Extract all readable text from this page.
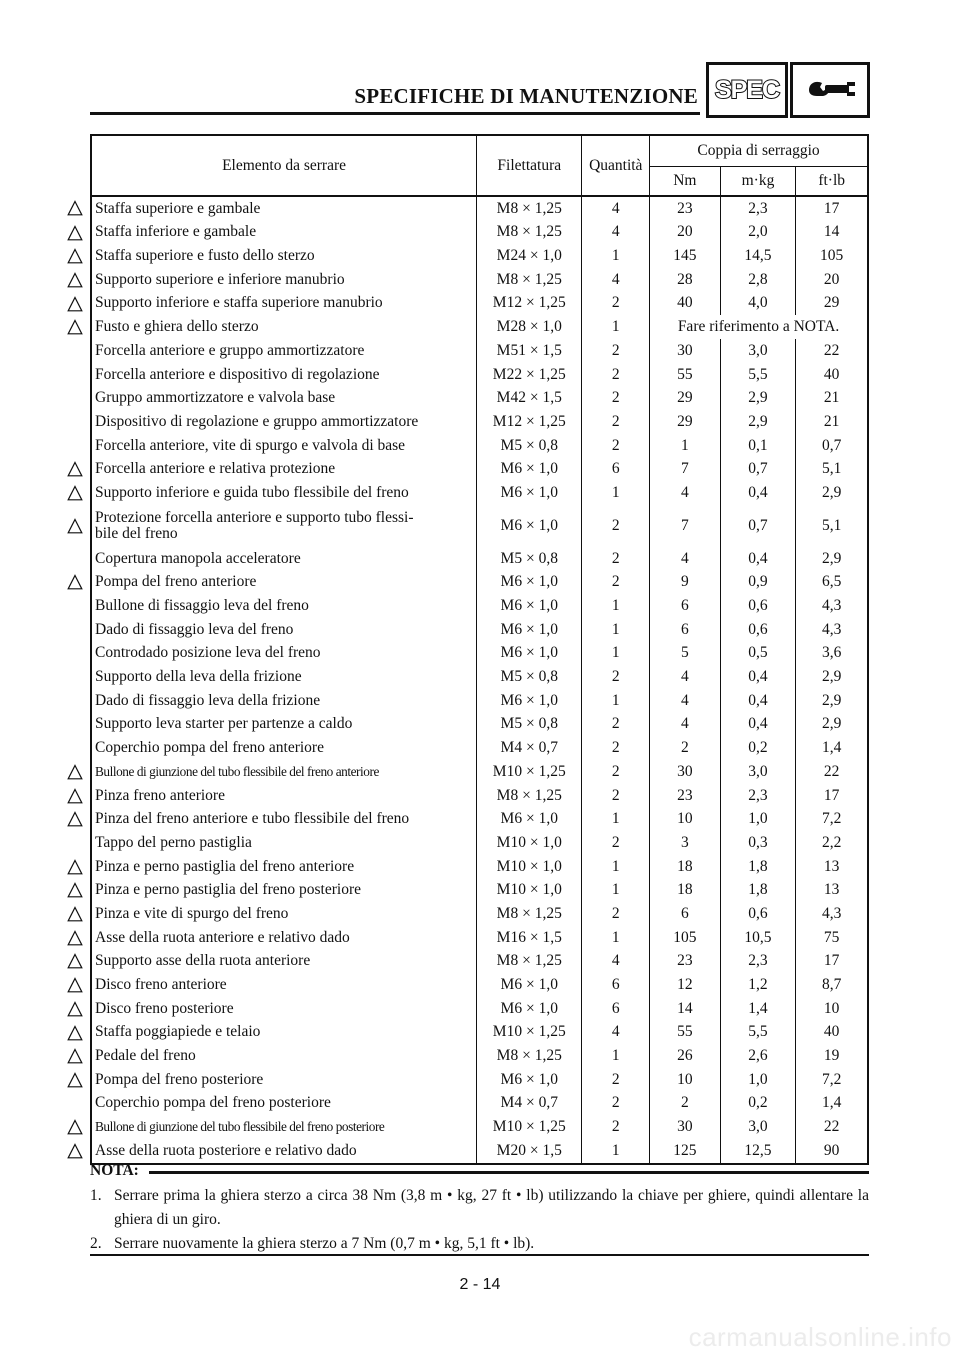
SPECIFICHE DI MANUTENZIONE SPEC
Elemento da serrare	Filettatura	Quantità	Coppia di serraggio		
			Nm	m·kg	ft·lb
Staffa superiore e gambale	M8 × 1,25	4	23	2,3	17
Staffa inferiore e gambale	M8 × 1,25	4	20	2,0	14
Staffa superiore e fusto dello sterzo	M24 × 1,0	1	145	14,5	105
Supporto superiore e inferiore manubrio	M8 × 1,25	4	28	2,8	20
Supporto inferiore e staffa superiore manubrio	M12 × 1,25	2	40	4,0	29
Fusto e ghiera dello sterzo	M28 × 1,0	1	Fare riferimento a NOTA.		
Forcella anteriore e gruppo ammortizzatore	M51 × 1,5	2	30	3,0	22
Forcella anteriore e dispositivo di regolazione	M22 × 1,25	2	55	5,5	40
Gruppo ammortizzatore e valvola base	M42 × 1,5	2	29	2,9	21
Dispositivo di regolazione e gruppo ammortizzatore	M12 × 1,25	2	29	2,9	21
Forcella anteriore, vite di spurgo e valvola di base	M5 × 0,8	2	1	0,1	0,7
Forcella anteriore e relativa protezione	M6 × 1,0	6	7	0,7	5,1
Supporto inferiore e guida tubo flessibile del freno	M6 × 1,0	1	4	0,4	2,9

Protezione forcella anteriore e supporto tubo flessi-
bile del freno	M6 × 1,0	2	7	0,7	5,1
Copertura manopola acceleratore	M5 × 0,8	2	4	0,4	2,9
Pompa del freno anteriore	M6 × 1,0	2	9	0,9	6,5
Bullone di fissaggio leva del freno	M6 × 1,0	1	6	0,6	4,3
Dado di fissaggio leva del freno	M6 × 1,0	1	6	0,6	4,3
Controdado posizione leva del freno	M6 × 1,0	1	5	0,5	3,6
Supporto della leva della frizione	M5 × 0,8	2	4	0,4	2,9
Dado di fissaggio leva della frizione	M6 × 1,0	1	4	0,4	2,9
Supporto leva starter per partenze a caldo	M5 × 0,8	2	4	0,4	2,9
Coperchio pompa del freno anteriore	M4 × 0,7	2	2	0,2	1,4
Bullone di giunzione del tubo flessibile del freno anteriore	M10 × 1,25	2	30	3,0	22
Pinza freno anteriore	M8 × 1,25	2	23	2,3	17
Pinza del freno anteriore e tubo flessibile del freno	M6 × 1,0	1	10	1,0	7,2
Tappo del perno pastiglia	M10 × 1,0	2	3	0,3	2,2
Pinza e perno pastiglia del freno anteriore	M10 × 1,0	1	18	1,8	13
Pinza e perno pastiglia del freno posteriore	M10 × 1,0	1	18	1,8	13
Pinza e vite di spurgo del freno	M8 × 1,25	2	6	0,6	4,3
Asse della ruota anteriore e relativo dado	M16 × 1,5	1	105	10,5	75
Supporto asse della ruota anteriore	M8 × 1,25	4	23	2,3	17
Disco freno anteriore	M6 × 1,0	6	12	1,2	8,7
Disco freno posteriore	M6 × 1,0	6	14	1,4	10
Staffa poggiapiede e telaio	M10 × 1,25	4	55	5,5	40
Pedale del freno	M8 × 1,25	1	26	2,6	19
Pompa del freno posteriore	M6 × 1,0	2	10	1,0	7,2
Coperchio pompa del freno posteriore	M4 × 0,7	2	2	0,2	1,4
Bullone di giunzione del tubo flessibile del freno posteriore	M10 × 1,25	2	30	3,0	22
Asse della ruota posteriore e relativo dado	M20 × 1,5	1	125	12,5	90
NOTA:
1. Serrare prima la ghiera sterzo a circa 38 Nm (3,8 m • kg, 27 ft • lb) utilizzando la chiave per ghiere, quindi allentare la ghiera di un giro.
2. Serrare nuovamente la ghiera sterzo a 7 Nm (0,7 m • kg, 5,1 ft • lb).
2 - 14
carmanualsonline.info
